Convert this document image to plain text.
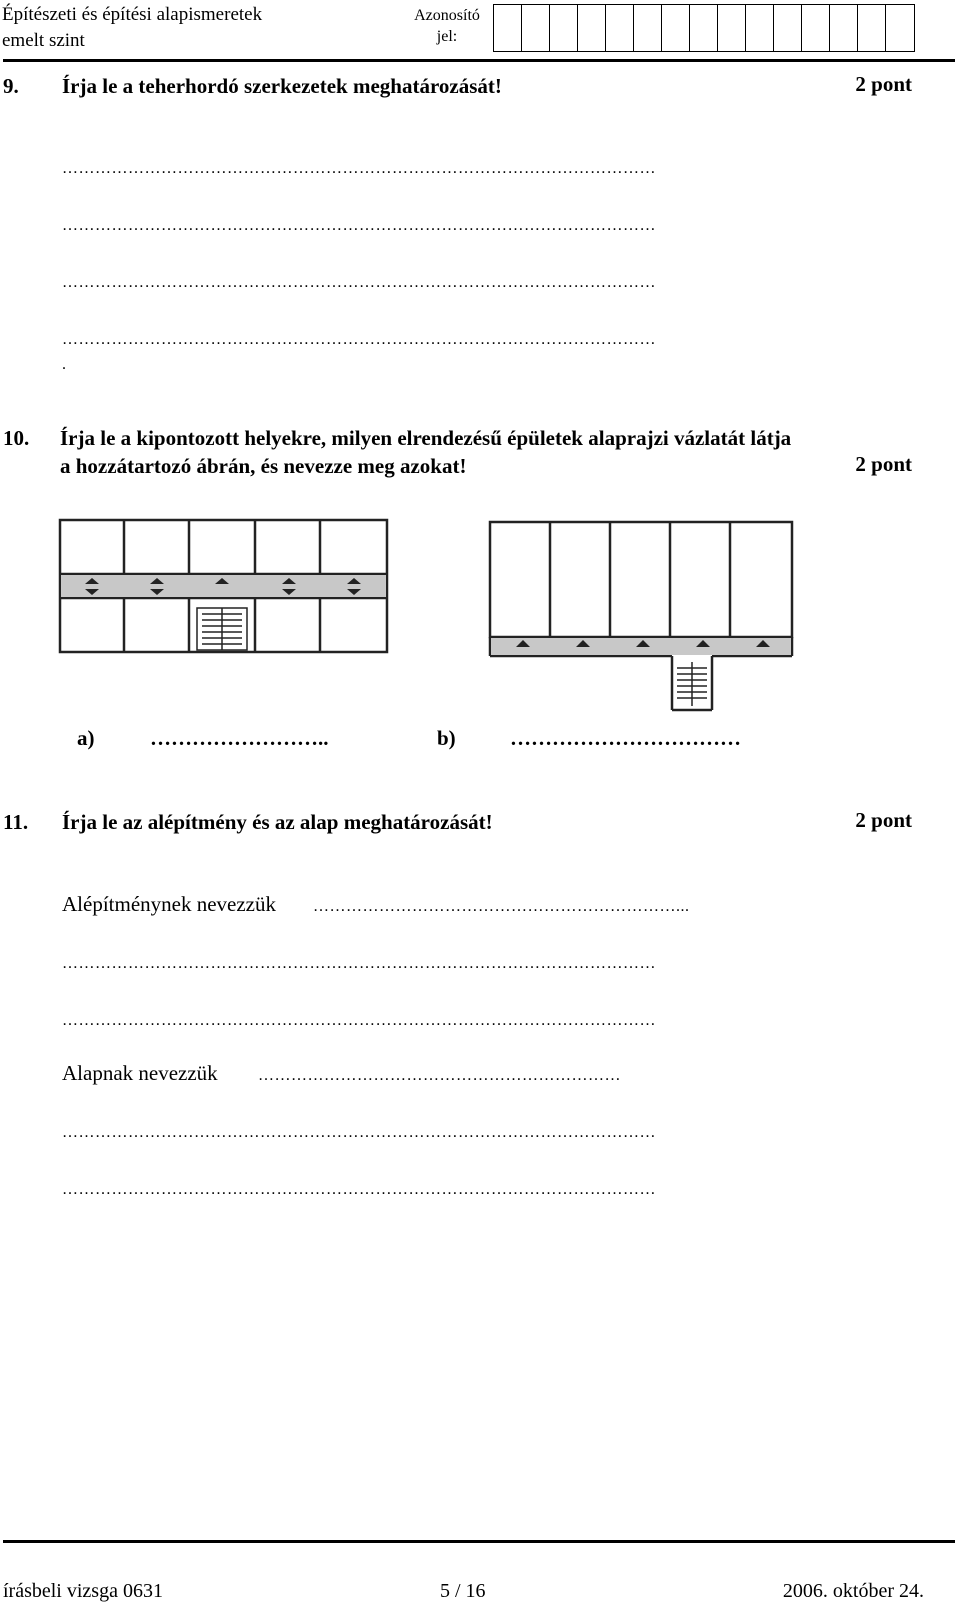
Építészeti és építési alapismeretek
emelt szint
Azonosító
jel:
9. Írja le a teherhordó szerkezetek meghatározását!	2 pont
………………………………………………………………………………………………
………………………………………………………………………………………………
………………………………………………………………………………………………
………………………………………………………………………………………………
.
10. Írja le a kipontozott helyekre, milyen elrendezésű épületek alaprajzi vázlatát látja
a hozzátartozó ábrán, és nevezze meg azokat!	2 pont
a)	……………………..	b)	……………………………
11. Írja le az alépítmény és az alap meghatározását!	2 pont
Alépítménynek nevezzük …………………………………………………………...
………………………………………………………………………………………………
………………………………………………………………………………………………
Alapnak nevezzük	…………………………………………………………
………………………………………………………………………………………………
………………………………………………………………………………………………
írásbeli vizsga 0631	5 / 16	2006. október 24.
